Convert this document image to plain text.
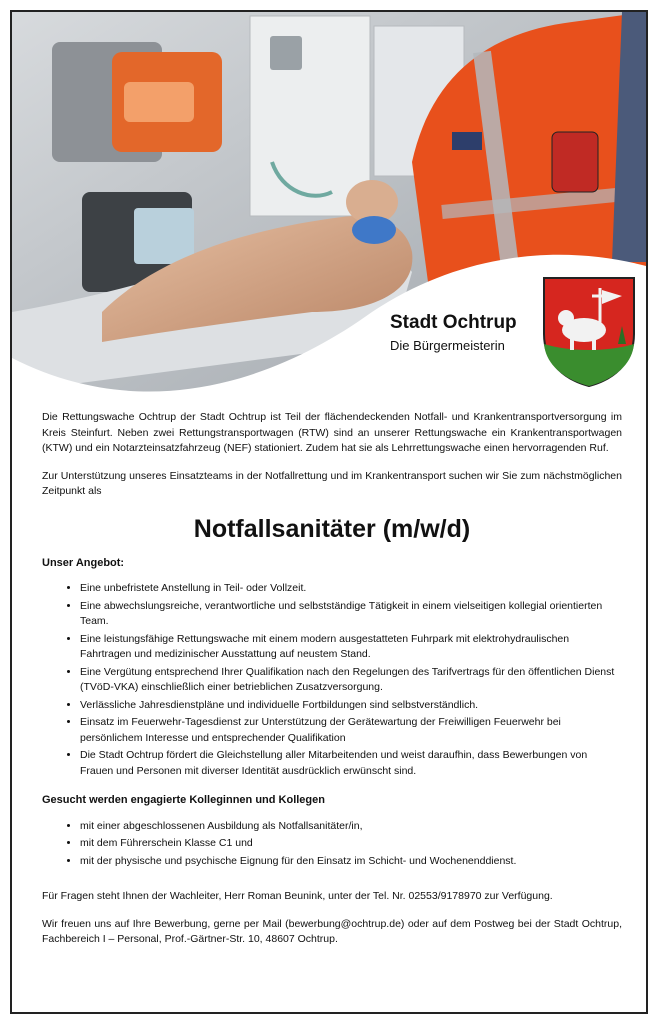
Stadt Ochtrup
Die Bürgermeisterin

Die Rettungswache Ochtrup der Stadt Ochtrup ist Teil der flächendeckenden Notfall- und Krankentransportversorgung im Kreis Steinfurt. Neben zwei Rettungstransportwagen (RTW) sind an unserer Rettungswache ein Krankentransportwagen (KTW) und ein Notarzteinsatzfahrzeug (NEF) stationiert. Zudem hat sie als Lehrrettungswache einen hervorragenden Ruf.

Zur Unterstützung unseres Einsatzteams in der Notfallrettung und im Krankentransport suchen wir Sie zum nächstmöglichen Zeitpunkt als

Notfallsanitäter (m/w/d)
Unser Angebot:
• Eine unbefristete Anstellung in Teil- oder Vollzeit.
• Eine abwechslungsreiche, verantwortliche und selbstständige Tätigkeit in einem vielseitigen kollegial orientierten Team.
• Eine leistungsfähige Rettungswache mit einem modern ausgestatteten Fuhrpark mit elektrohydraulischen Fahrtragen und medizinischer Ausstattung auf neustem Stand.
• Eine Vergütung entsprechend Ihrer Qualifikation nach den Regelungen des Tarifvertrags für den öffentlichen Dienst (TVöD-VKA) einschließlich einer betrieblichen Zusatzversorgung.
• Verlässliche Jahresdienstpläne und individuelle Fortbildungen sind selbstverständlich.
• Einsatz im Feuerwehr-Tagesdienst zur Unterstützung der Gerätewartung der Freiwilligen Feuerwehr bei persönlichem Interesse und entsprechender Qualifikation
• Die Stadt Ochtrup fördert die Gleichstellung aller Mitarbeitenden und weist daraufhin, dass Bewerbungen von Frauen und Personen mit diverser Identität ausdrücklich erwünscht sind.
Gesucht werden engagierte Kolleginnen und Kollegen
• mit einer abgeschlossenen Ausbildung als Notfallsanitäter/in,
• mit dem Führerschein Klasse C1 und
• mit der physische und psychische Eignung für den Einsatz im Schicht- und Wochenenddienst.

Für Fragen steht Ihnen der Wachleiter, Herr Roman Beunink, unter der Tel. Nr. 02553/9178970 zur Verfügung.

Wir freuen uns auf Ihre Bewerbung, gerne per Mail (bewerbung@ochtrup.de) oder auf dem Postweg bei der Stadt Ochtrup, Fachbereich I – Personal, Prof.-Gärtner-Str. 10, 48607 Ochtrup.
